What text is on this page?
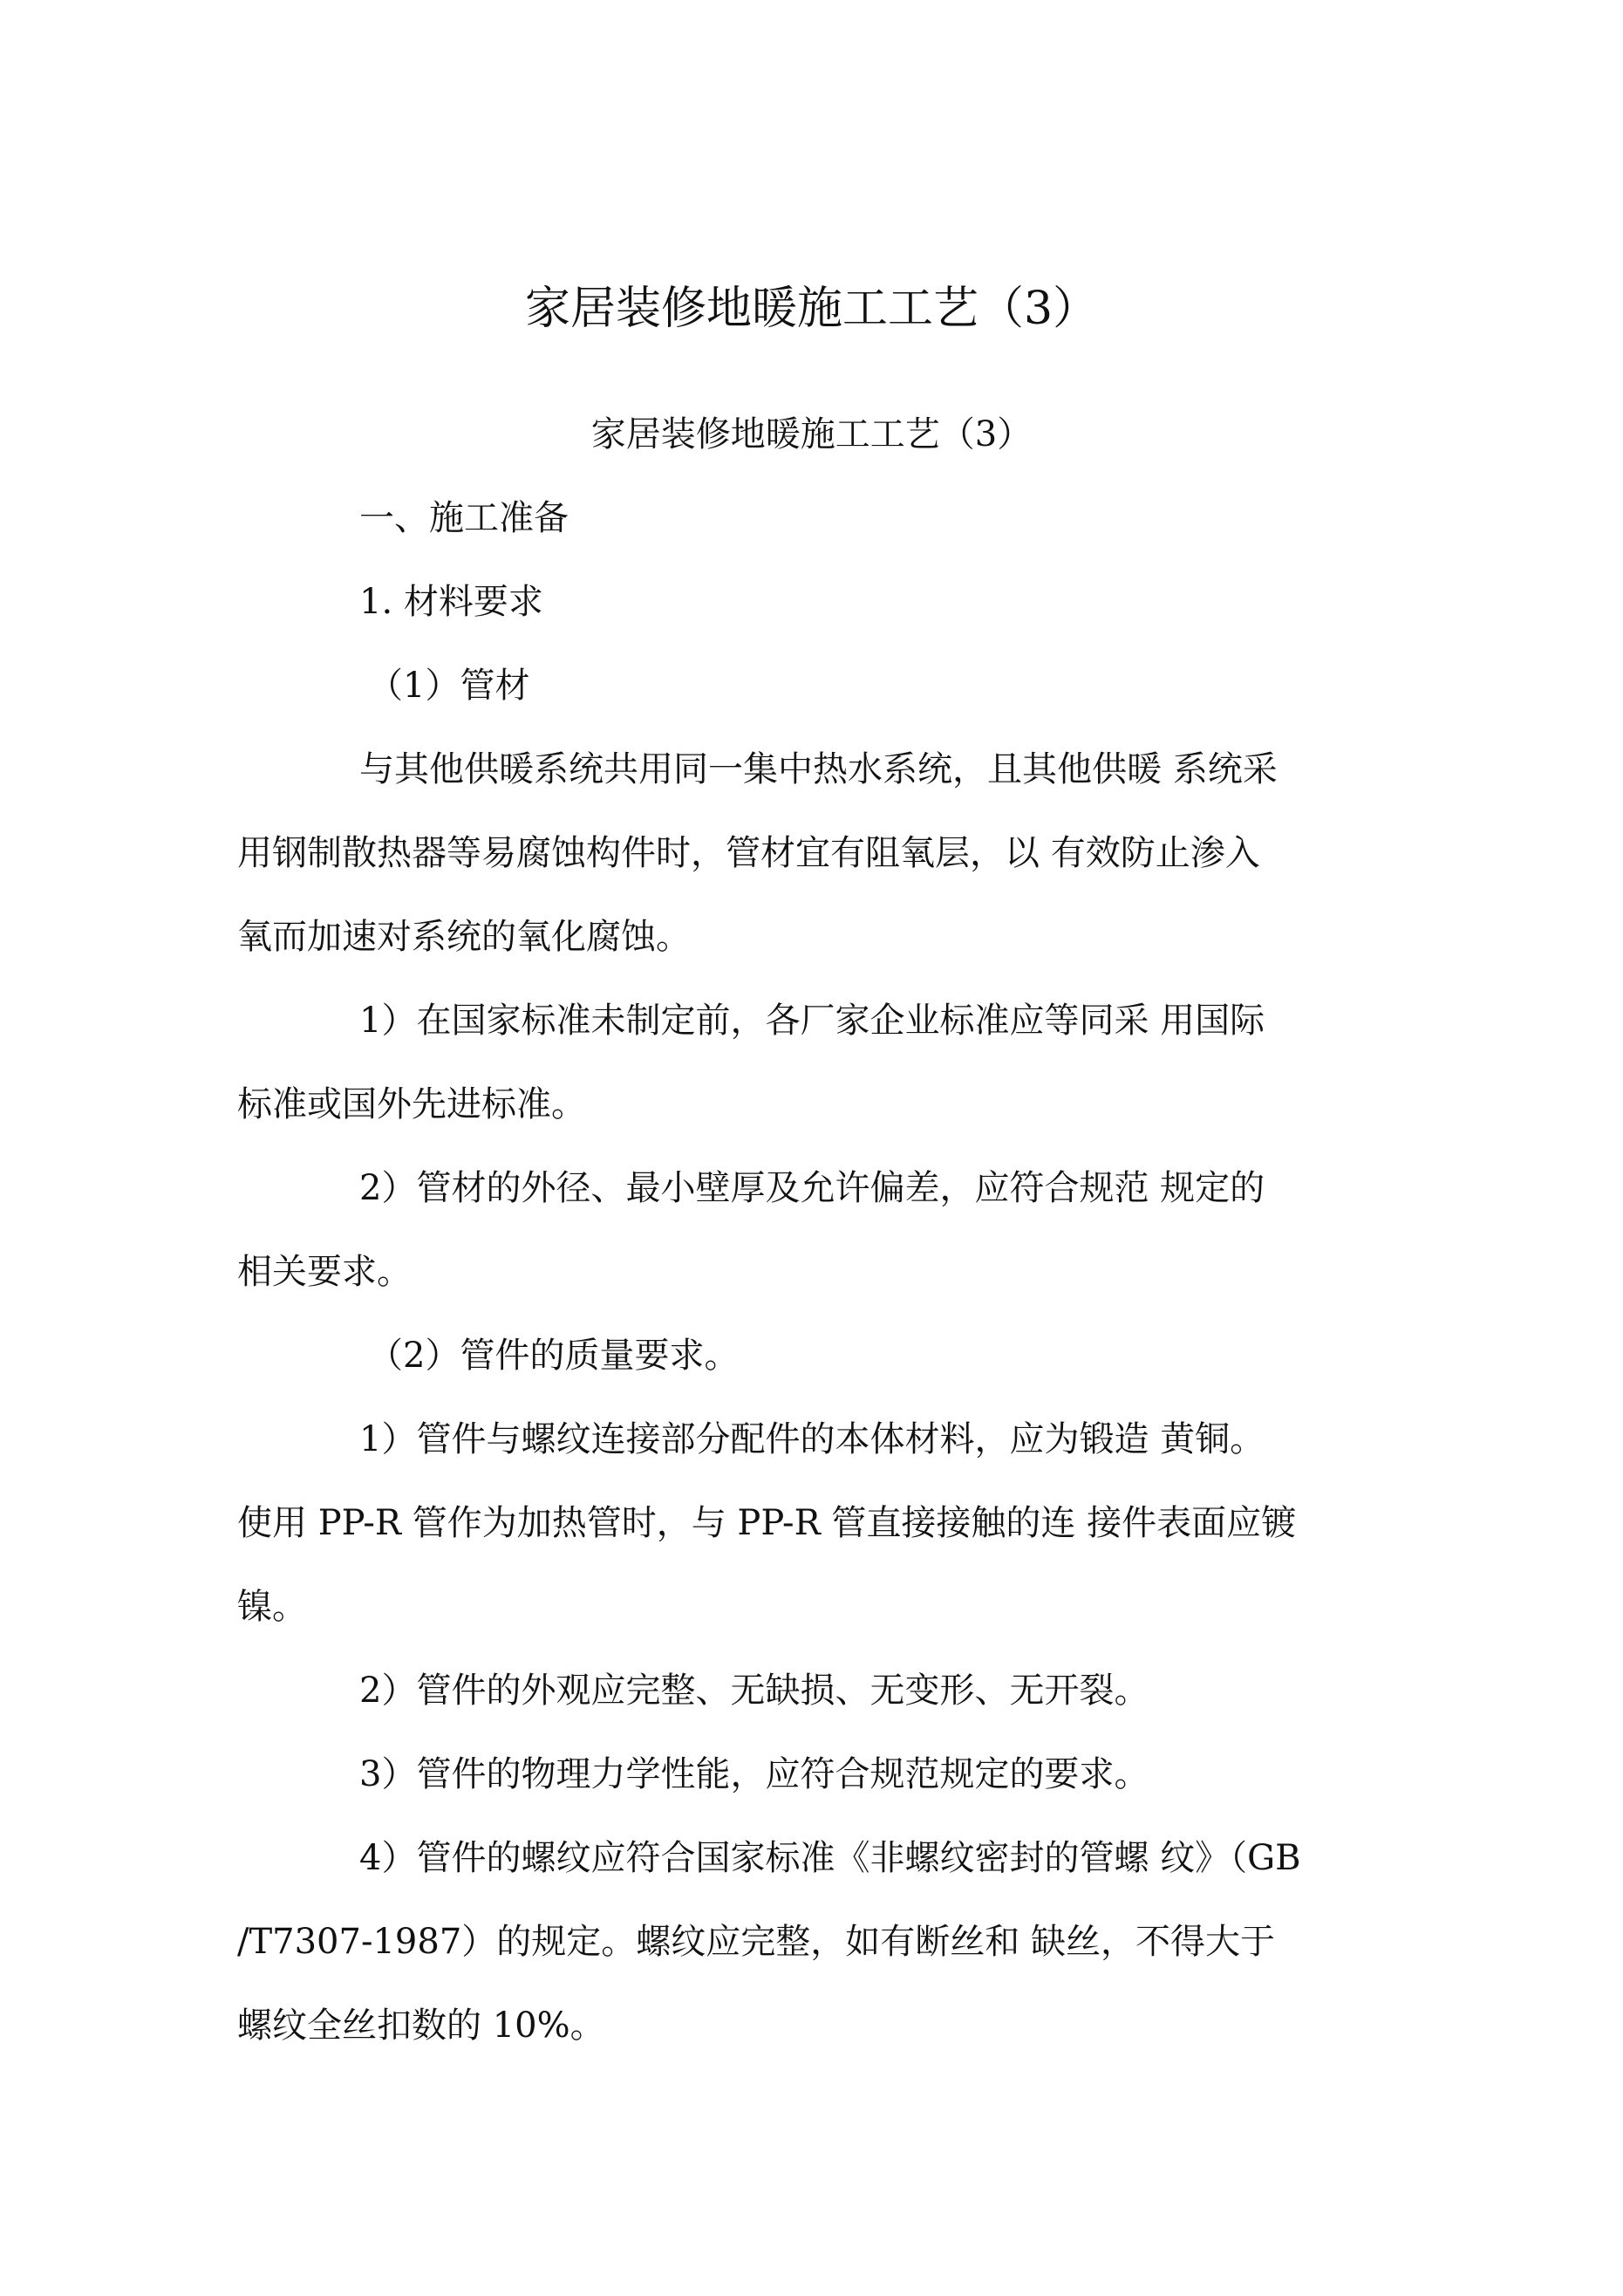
家居装修地暖施工工艺（3）
家居装修地暖施工工艺（3）
一、施工准备
1. 材料要求
（1）管材
与其他供暖系统共用同一集中热水系统，且其他供暖 系统采
用钢制散热器等易腐蚀构件时，管材宜有阻氧层，以 有效防止渗入
氧而加速对系统的氧化腐蚀。
1）在国家标准未制定前，各厂家企业标准应等同采 用国际
标准或国外先进标准。
2）管材的外径、最小壁厚及允许偏差，应符合规范 规定的
相关要求。
（2）管件的质量要求。
1）管件与螺纹连接部分配件的本体材料，应为锻造 黄铜。
使用 PP-R 管作为加热管时，与 PP-R 管直接接触的连 接件表面应镀
镍。
2）管件的外观应完整、无缺损、无变形、无开裂。
3）管件的物理力学性能，应符合规范规定的要求。
4）管件的螺纹应符合国家标准《非螺纹密封的管螺 纹》（GB
/T7307-1987）的规定。螺纹应完整，如有断丝和 缺丝，不得大于
螺纹全丝扣数的 10%。
